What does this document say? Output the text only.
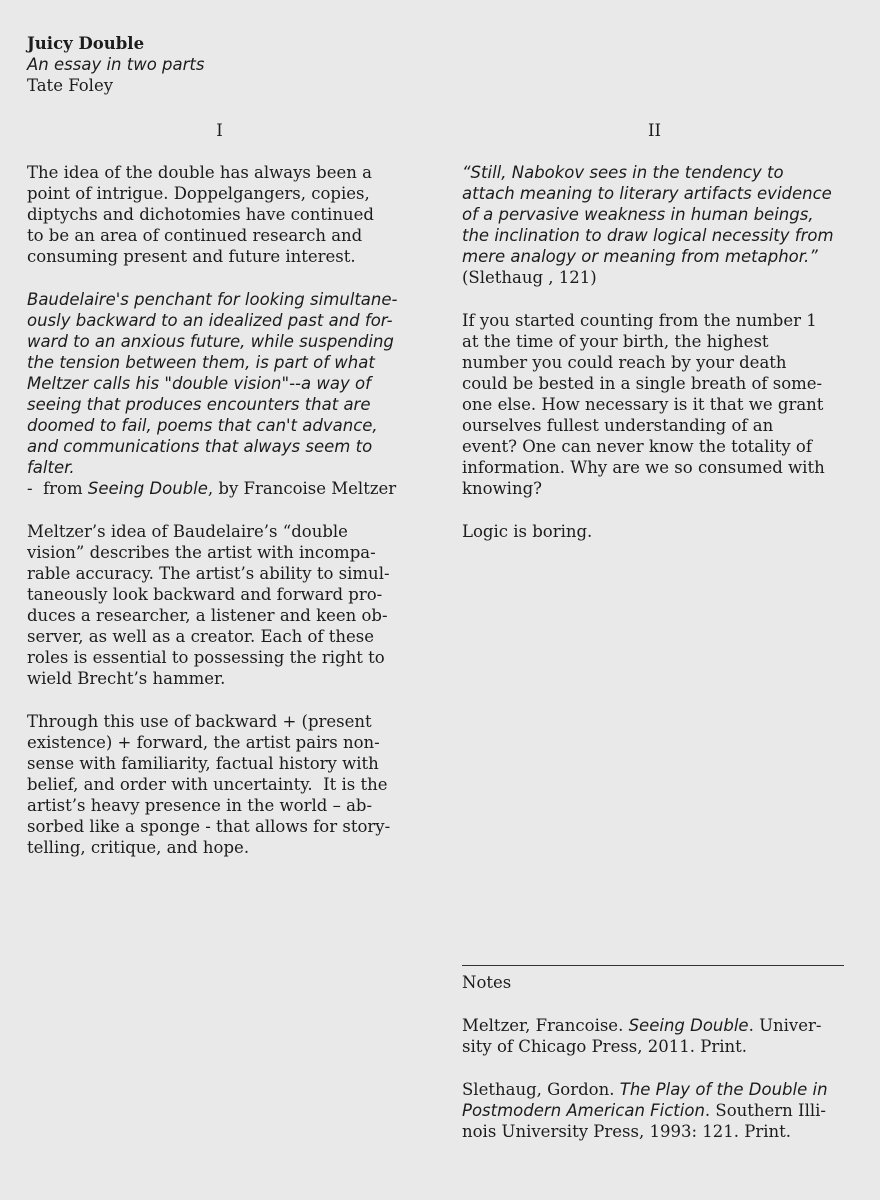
Juicy Double
An essay in two parts
Tate Foley
I

The idea of the double has always been a
point of intrigue. Doppelgangers, copies,
diptychs and dichotomies have continued
to be an area of continued research and
consuming present and future interest.

Baudelaire's penchant for looking simultane-
ously backward to an idealized past and for-
ward to an anxious future, while suspending
the tension between them, is part of what
Meltzer calls his "double vision"--a way of
seeing that produces encounters that are
doomed to fail, poems that can't advance,
and communications that always seem to
falter.
-  from Seeing Double, by Francoise Meltzer

Meltzer’s idea of Baudelaire’s “double
vision” describes the artist with incompa-
rable accuracy. The artist’s ability to simul-
taneously look backward and forward pro-
duces a researcher, a listener and keen ob-
server, as well as a creator. Each of these
roles is essential to possessing the right to
wield Brecht’s hammer.

Through this use of backward + (present
existence) + forward, the artist pairs non-
sense with familiarity, factual history with
belief, and order with uncertainty.  It is the
artist’s heavy presence in the world – ab-
sorbed like a sponge - that allows for story-
telling, critique, and hope.

II

“Still, Nabokov sees in the tendency to
attach meaning to literary artifacts evidence
of a pervasive weakness in human beings,
the inclination to draw logical necessity from
mere analogy or meaning from metaphor.”
(Slethaug , 121)

If you started counting from the number 1
at the time of your birth, the highest
number you could reach by your death
could be bested in a single breath of some-
one else. How necessary is it that we grant
ourselves fullest understanding of an
event? One can never know the totality of
information. Why are we so consumed with
knowing?

Logic is boring.

Notes

Meltzer, Francoise. Seeing Double. Univer-
sity of Chicago Press, 2011. Print.

Slethaug, Gordon. The Play of the Double in
Postmodern American Fiction. Southern Illi-
nois University Press, 1993: 121. Print.
